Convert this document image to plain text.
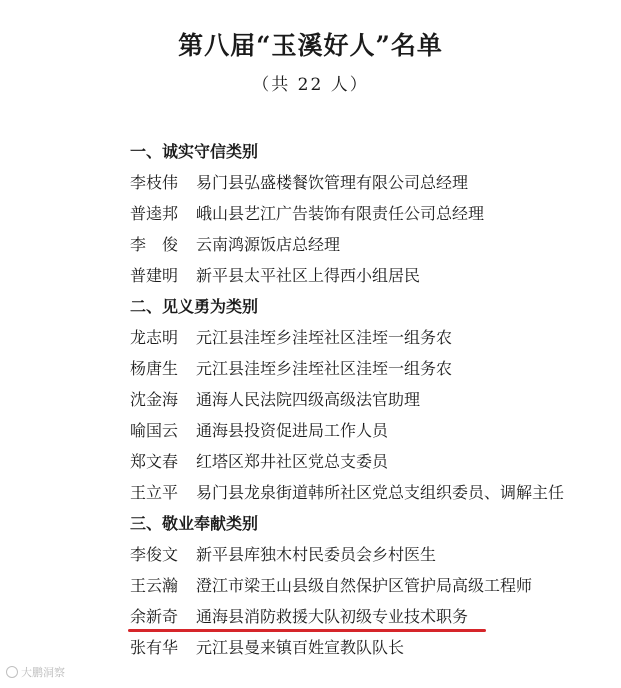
第八届“玉溪好人”名单
（共 22 人）
一、诚实守信类别
李枝伟 易门县弘盛楼餐饮管理有限公司总经理
普逵邦 峨山县艺江广告装饰有限责任公司总经理
李　俊 云南鸿源饭店总经理
普建明 新平县太平社区上得西小组居民
二、见义勇为类别
龙志明 元江县洼垤乡洼垤社区洼垤一组务农
杨唐生 元江县洼垤乡洼垤社区洼垤一组务农
沈金海 通海人民法院四级高级法官助理
喻国云 通海县投资促进局工作人员
郑文春 红塔区郑井社区党总支委员
王立平 易门县龙泉街道韩所社区党总支组织委员、调解主任
三、敬业奉献类别
李俊文 新平县库独木村民委员会乡村医生
王云瀚 澄江市梁王山县级自然保护区管护局高级工程师
余新奇 通海县消防救援大队初级专业技术职务
张有华 元江县曼来镇百姓宣教队队长
大鹏洞察
